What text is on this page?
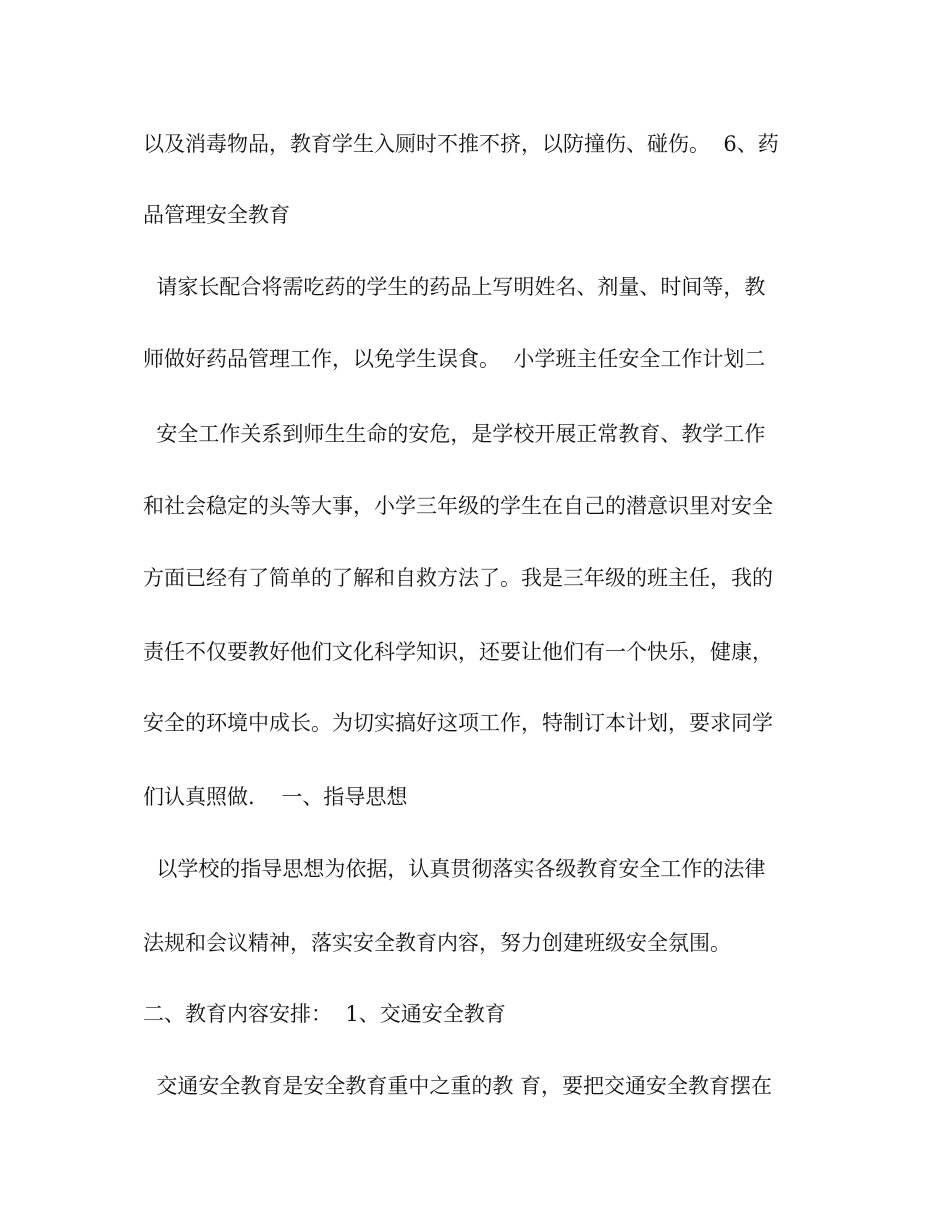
以及消毒物品，教育学生入厕时不推不挤，以防撞伤、碰伤。  6、药
品管理安全教育
请家长配合将需吃药的学生的药品上写明姓名、剂量、时间等，教
师做好药品管理工作，以免学生误食。  小学班主任安全工作计划二
安全工作关系到师生生命的安危，是学校开展正常教育、教学工作
和社会稳定的头等大事，小学三年级的学生在自己的潜意识里对安全
方面已经有了简单的了解和自救方法了。我是三年级的班主任，我的
责任不仅要教好他们文化科学知识，还要让他们有一个快乐，健康，
安全的环境中成长。为切实搞好这项工作，特制订本计划，要求同学
们认真照做.    一、指导思想
以学校的指导思想为依据，认真贯彻落实各级教育安全工作的法律
法规和会议精神，落实安全教育内容，努力创建班级安全氛围。
二、教育内容安排：  1、交通安全教育
交通安全教育是安全教育重中之重的教 育，要把交通安全教育摆在
